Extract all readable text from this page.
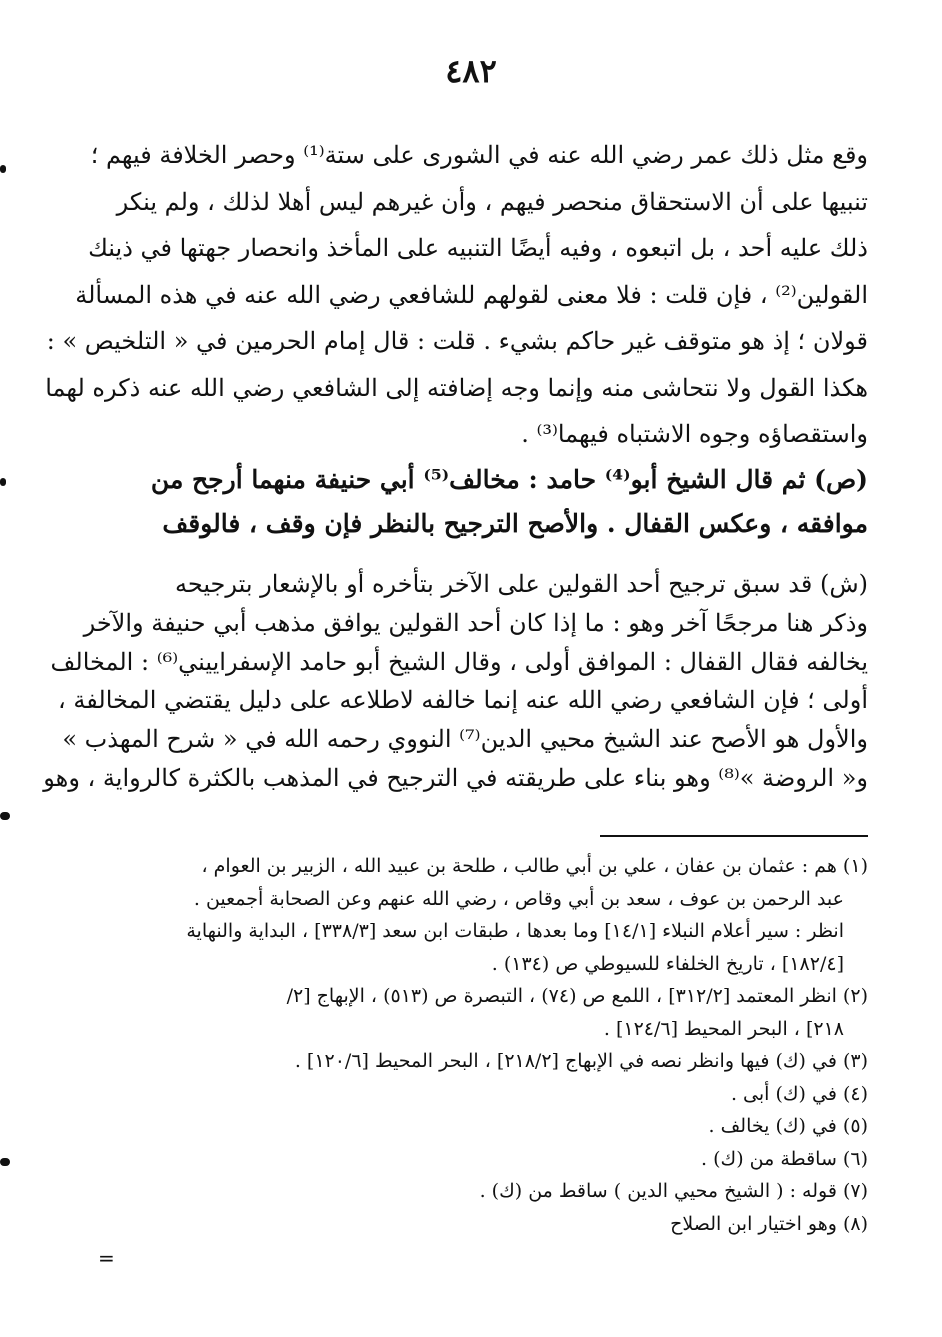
٤٨٢
وقع مثل ذلك عمر رضي الله عنه في الشورى على ستة⁽¹⁾ وحصر الخلافة فيهم ؛
تنبيها على أن الاستحقاق منحصر فيهم ، وأن غيرهم ليس أهلا لذلك ، ولم ينكر
ذلك عليه أحد ، بل اتبعوه ، وفيه أيضًا التنبيه على المأخذ وانحصار جهتها في ذينك
القولين⁽²⁾ ، فإن قلت : فلا معنى لقولهم للشافعي رضي الله عنه في هذه المسألة
قولان ؛ إذ هو متوقف غير حاكم بشيء . قلت : قال إمام الحرمين في « التلخيص » :
هكذا القول ولا نتحاشى منه وإنما وجه إضافته إلى الشافعي رضي الله عنه ذكره لهما
واستقصاؤه وجوه الاشتباه فيهما⁽³⁾ .
(ص) ثم قال الشيخ أبو⁽⁴⁾ حامد : مخالف⁽⁵⁾ أبي حنيفة منهما أرجح من
موافقه ، وعكس القفال . والأصح الترجيح بالنظر فإن وقف ، فالوقف
(ش) قد سبق ترجيح أحد القولين على الآخر بتأخره أو بالإشعار بترجيحه
وذكر هنا مرجحًا آخر وهو : ما إذا كان أحد القولين يوافق مذهب أبي حنيفة والآخر
يخالفه فقال القفال : الموافق أولى ، وقال الشيخ أبو حامد الإسفراييني⁽⁶⁾ : المخالف
أولى ؛ فإن الشافعي رضي الله عنه إنما خالفه لاطلاعه على دليل يقتضي المخالفة ،
والأول هو الأصح عند الشيخ محيي الدين⁽⁷⁾ النووي رحمه الله في « شرح المهذب »
و« الروضة »⁽⁸⁾ وهو بناء على طريقته في الترجيح في المذهب بالكثرة كالرواية ، وهو
(١) هم : عثمان بن عفان ، علي بن أبي طالب ، طلحة بن عبيد الله ، الزبير بن العوام ،
عبد الرحمن بن عوف ، سعد بن أبي وقاص ، رضي الله عنهم وعن الصحابة أجمعين .
انظر : سير أعلام النبلاء [١٤/١] وما بعدها ، طبقات ابن سعد [٣٣٨/٣] ، البداية والنهاية
[١٨٢/٤] ، تاريخ الخلفاء للسيوطي ص (١٣٤) .
(٢) انظر المعتمد [٣١٢/٢] ، اللمع ص (٧٤) ، التبصرة ص (٥١٣) ، الإبهاج [٢/
٢١٨] ، البحر المحيط [١٢٤/٦] .
(٣) في (ك) فيها وانظر نصه في الإبهاج [٢١٨/٢] ، البحر المحيط [١٢٠/٦] .
(٤) في (ك) أبى .
(٥) في (ك) يخالف .
(٦) ساقطة من (ك) .
(٧) قوله : ( الشيخ محيي الدين ) ساقط من (ك) .
(٨) وهو اختيار ابن الصلاح
=
